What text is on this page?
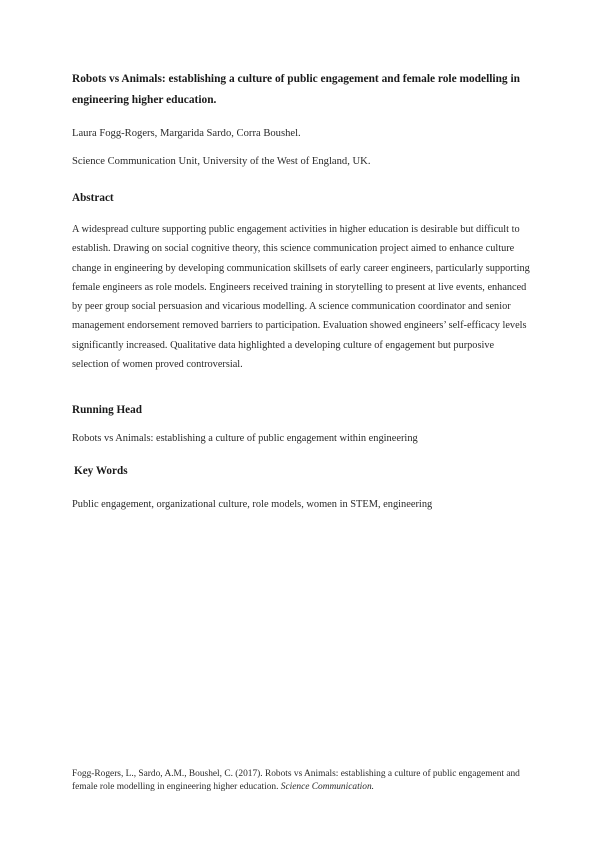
Robots vs Animals: establishing a culture of public engagement and female role modelling in engineering higher education.

Laura Fogg-Rogers, Margarida Sardo, Corra Boushel.

Science Communication Unit, University of the West of England, UK.

Abstract

A widespread culture supporting public engagement activities in higher education is desirable but difficult to establish. Drawing on social cognitive theory, this science communication project aimed to enhance culture change in engineering by developing communication skillsets of early career engineers, particularly supporting female engineers as role models. Engineers received training in storytelling to present at live events, enhanced by peer group social persuasion and vicarious modelling. A science communication coordinator and senior management endorsement removed barriers to participation. Evaluation showed engineers’ self-efficacy levels significantly increased. Qualitative data highlighted a developing culture of engagement but purposive selection of women proved controversial.

Running Head

Robots vs Animals: establishing a culture of public engagement within engineering

Key Words

Public engagement, organizational culture, role models, women in STEM, engineering

Fogg-Rogers, L., Sardo, A.M., Boushel, C. (2017). Robots vs Animals: establishing a culture of public engagement and female role modelling in engineering higher education. Science Communication.
